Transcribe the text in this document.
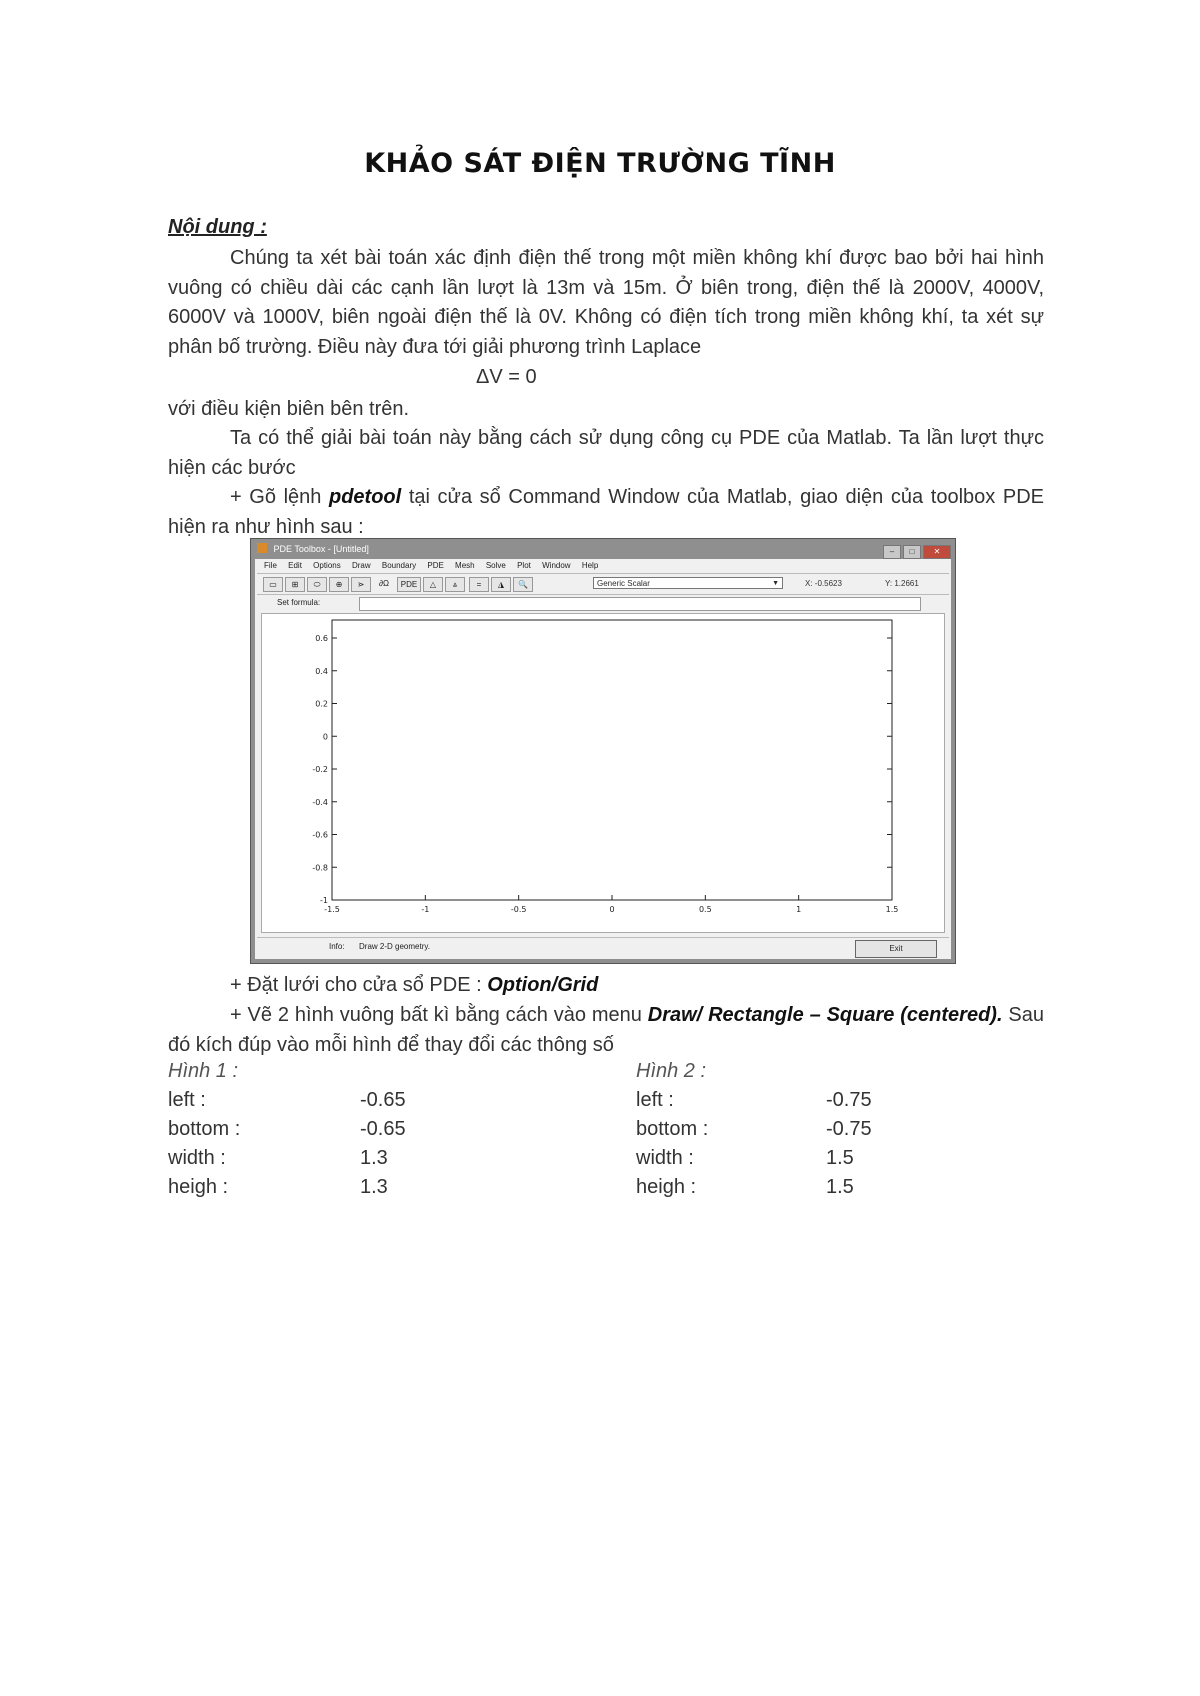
KHẢO SÁT ĐIỆN TRƯỜNG TĨNH
Nội dung :

Chúng ta xét bài toán xác định điện thế trong một miền không khí được bao bởi hai hình vuông có chiều dài các cạnh lần lượt là 13m và 15m. Ở biên trong, điện thế là 2000V, 4000V, 6000V và 1000V, biên ngoài điện thế là 0V. Không có điện tích trong miền không khí, ta xét sự phân bố trường. Điều này đưa tới giải phương trình Laplace

ΔV = 0
với điều kiện biên bên trên.

Ta có thể giải bài toán này bằng cách sử dụng công cụ PDE của Matlab. Ta lần lượt thực hiện các bước

+ Gõ lệnh pdetool tại cửa sổ Command Window của Matlab, giao diện của toolbox PDE hiện ra như hình sau :

PDE Toolbox - [Untitled]	– □ ✕
File Edit Options Draw Boundary PDE Mesh Solve Plot Window Help
▭	⊞	⬭	⊕	⋗	∂Ω	PDE	△	⩓	=	◮	🔍	Generic Scalar	▼	X: -0.5623	Y: 1.2661
Set formula:
0.6
0.4
0.2
0
-0.2
-0.4
-0.6
-0.8
-1
-1.5	-1	-0.5	0	0.5	1	1.5
Info: Draw 2-D geometry.	Exit
+ Đặt lưới cho cửa sổ PDE : Option/Grid

+ Vẽ 2 hình vuông bất kì bằng cách vào menu Draw/ Rectangle – Square (centered). Sau đó kích đúp vào mỗi hình để thay đổi các thông số

Hình 1 :	Hình 2 :
left :	-0.65	left :	-0.75
bottom :	-0.65	bottom :	-0.75
width :	1.3	width :	1.5
heigh :	1.3	heigh :	1.5
